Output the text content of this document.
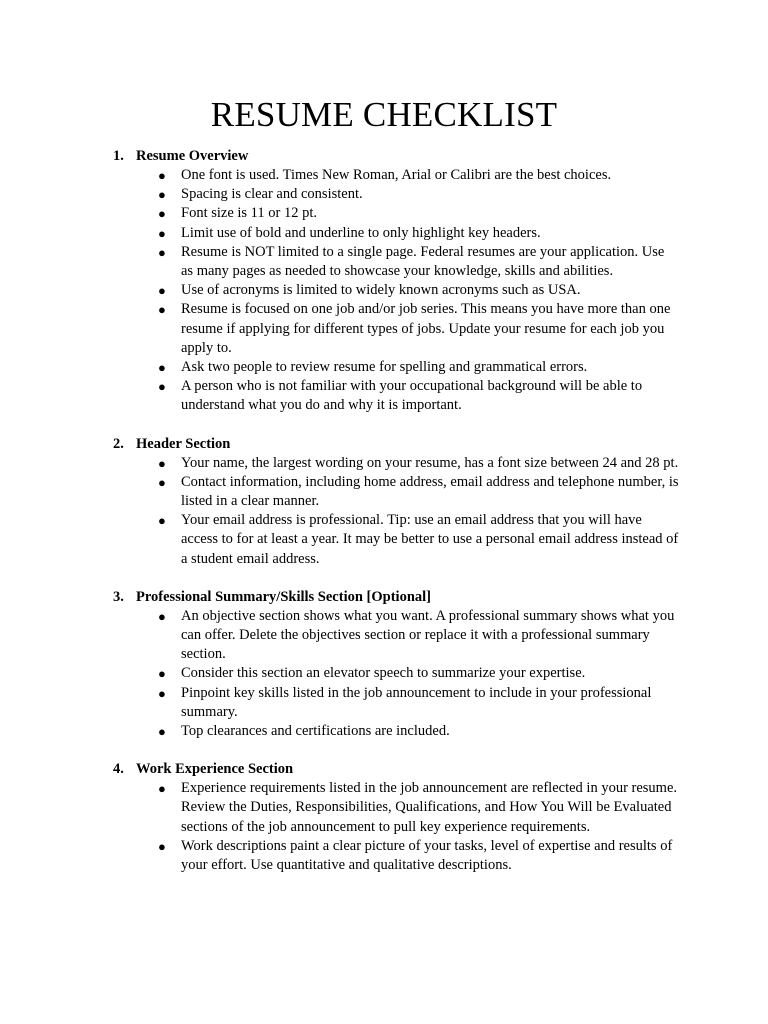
RESUME CHECKLIST
1. Resume Overview
● One font is used. Times New Roman, Arial or Calibri are the best choices.
● Spacing is clear and consistent.
● Font size is 11 or 12 pt.
● Limit use of bold and underline to only highlight key headers.
● Resume is NOT limited to a single page. Federal resumes are your application. Use as many pages as needed to showcase your knowledge, skills and abilities.
● Use of acronyms is limited to widely known acronyms such as USA.
● Resume is focused on one job and/or job series. This means you have more than one resume if applying for different types of jobs. Update your resume for each job you apply to.
● Ask two people to review resume for spelling and grammatical errors.
● A person who is not familiar with your occupational background will be able to understand what you do and why it is important.
2. Header Section
● Your name, the largest wording on your resume, has a font size between 24 and 28 pt.
● Contact information, including home address, email address and telephone number, is listed in a clear manner.
● Your email address is professional. Tip: use an email address that you will have access to for at least a year. It may be better to use a personal email address instead of a student email address.
3. Professional Summary/Skills Section [Optional]
● An objective section shows what you want. A professional summary shows what you can offer. Delete the objectives section or replace it with a professional summary section.
● Consider this section an elevator speech to summarize your expertise.
● Pinpoint key skills listed in the job announcement to include in your professional summary.
● Top clearances and certifications are included.
4. Work Experience Section
● Experience requirements listed in the job announcement are reflected in your resume. Review the Duties, Responsibilities, Qualifications, and How You Will be Evaluated sections of the job announcement to pull key experience requirements.
● Work descriptions paint a clear picture of your tasks, level of expertise and results of your effort. Use quantitative and qualitative descriptions.
